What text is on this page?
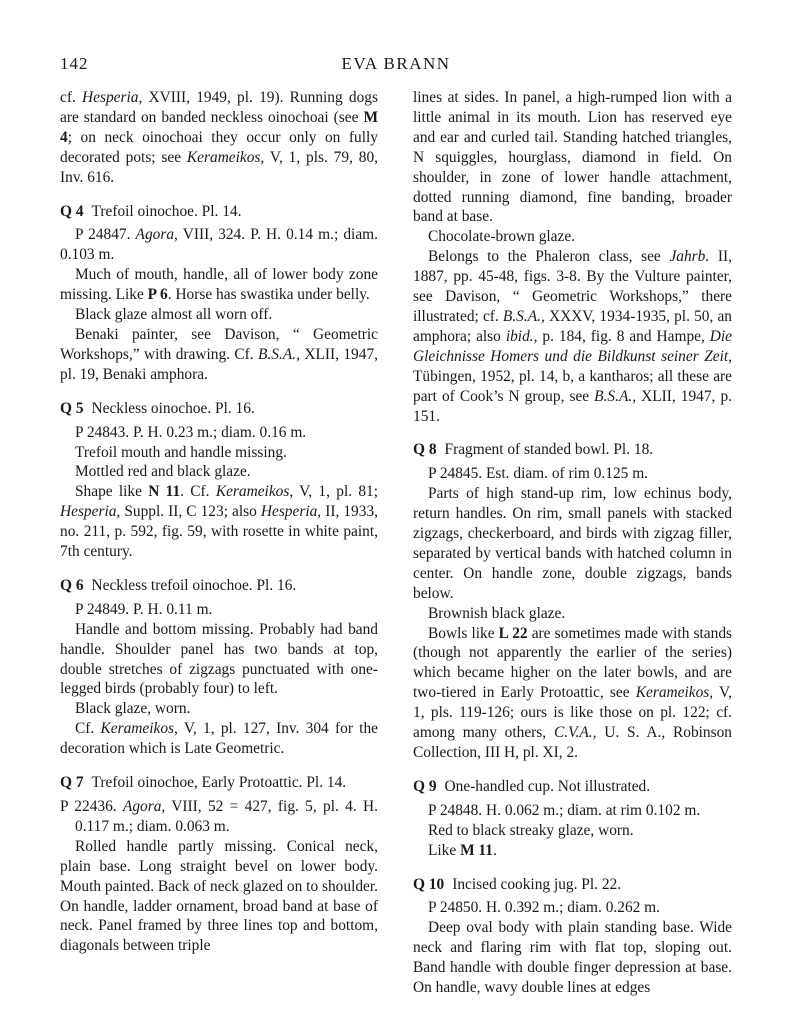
142	EVA BRANN

cf. Hesperia, XVIII, 1949, pl. 19). Running dogs are standard on banded neckless oinochoai (see M 4; on neck oinochoai they occur only on fully decorated pots; see Kerameikos, V, 1, pls. 79, 80, Inv. 616.

Q 4 Trefoil oinochoe. Pl. 14.

P 24847. Agora, VIII, 324. P. H. 0.14 m.; diam. 0.103 m.

Much of mouth, handle, all of lower body zone missing. Like P 6. Horse has swastika under belly.

Black glaze almost all worn off.

Benaki painter, see Davison, “ Geometric Workshops,” with drawing. Cf. B.S.A., XLII, 1947, pl. 19, Benaki amphora.

Q 5 Neckless oinochoe. Pl. 16.

P 24843. P. H. 0.23 m.; diam. 0.16 m.

Trefoil mouth and handle missing.

Mottled red and black glaze.

Shape like N 11. Cf. Kerameikos, V, 1, pl. 81; Hesperia, Suppl. II, C 123; also Hesperia, II, 1933, no. 211, p. 592, fig. 59, with rosette in white paint, 7th century.

Q 6 Neckless trefoil oinochoe. Pl. 16.

P 24849. P. H. 0.11 m.

Handle and bottom missing. Probably had band handle. Shoulder panel has two bands at top, double stretches of zigzags punctuated with one-legged birds (probably four) to left.

Black glaze, worn.

Cf. Kerameikos, V, 1, pl. 127, Inv. 304 for the decoration which is Late Geometric.

Q 7 Trefoil oinochoe, Early Protoattic. Pl. 14.

P 22436. Agora, VIII, 52 = 427, fig. 5, pl. 4. H. 0.117 m.; diam. 0.063 m.

Rolled handle partly missing. Conical neck, plain base. Long straight bevel on lower body. Mouth painted. Back of neck glazed on to shoulder. On handle, ladder ornament, broad band at base of neck. Panel framed by three lines top and bottom, diagonals between triple

lines at sides. In panel, a high-rumped lion with a little animal in its mouth. Lion has reserved eye and ear and curled tail. Standing hatched triangles, N squiggles, hourglass, diamond in field. On shoulder, in zone of lower handle attachment, dotted running diamond, fine banding, broader band at base.

Chocolate-brown glaze.

Belongs to the Phaleron class, see Jahrb. II, 1887, pp. 45-48, figs. 3-8. By the Vulture painter, see Davison, “ Geometric Workshops,” there illustrated; cf. B.S.A., XXXV, 1934-1935, pl. 50, an amphora; also ibid., p. 184, fig. 8 and Hampe, Die Gleichnisse Homers und die Bildkunst seiner Zeit, Tübingen, 1952, pl. 14, b, a kantharos; all these are part of Cook’s N group, see B.S.A., XLII, 1947, p. 151.

Q 8 Fragment of standed bowl. Pl. 18.

P 24845. Est. diam. of rim 0.125 m.

Parts of high stand-up rim, low echinus body, return handles. On rim, small panels with stacked zigzags, checkerboard, and birds with zigzag filler, separated by vertical bands with hatched column in center. On handle zone, double zigzags, bands below.

Brownish black glaze.

Bowls like L 22 are sometimes made with stands (though not apparently the earlier of the series) which became higher on the later bowls, and are two-tiered in Early Protoattic, see Kerameikos, V, 1, pls. 119-126; ours is like those on pl. 122; cf. among many others, C.V.A., U. S. A., Robinson Collection, III H, pl. XI, 2.

Q 9 One-handled cup. Not illustrated.

P 24848. H. 0.062 m.; diam. at rim 0.102 m.

Red to black streaky glaze, worn.

Like M 11.

Q 10 Incised cooking jug. Pl. 22.

P 24850. H. 0.392 m.; diam. 0.262 m.

Deep oval body with plain standing base. Wide neck and flaring rim with flat top, sloping out. Band handle with double finger depression at base. On handle, wavy double lines at edges
